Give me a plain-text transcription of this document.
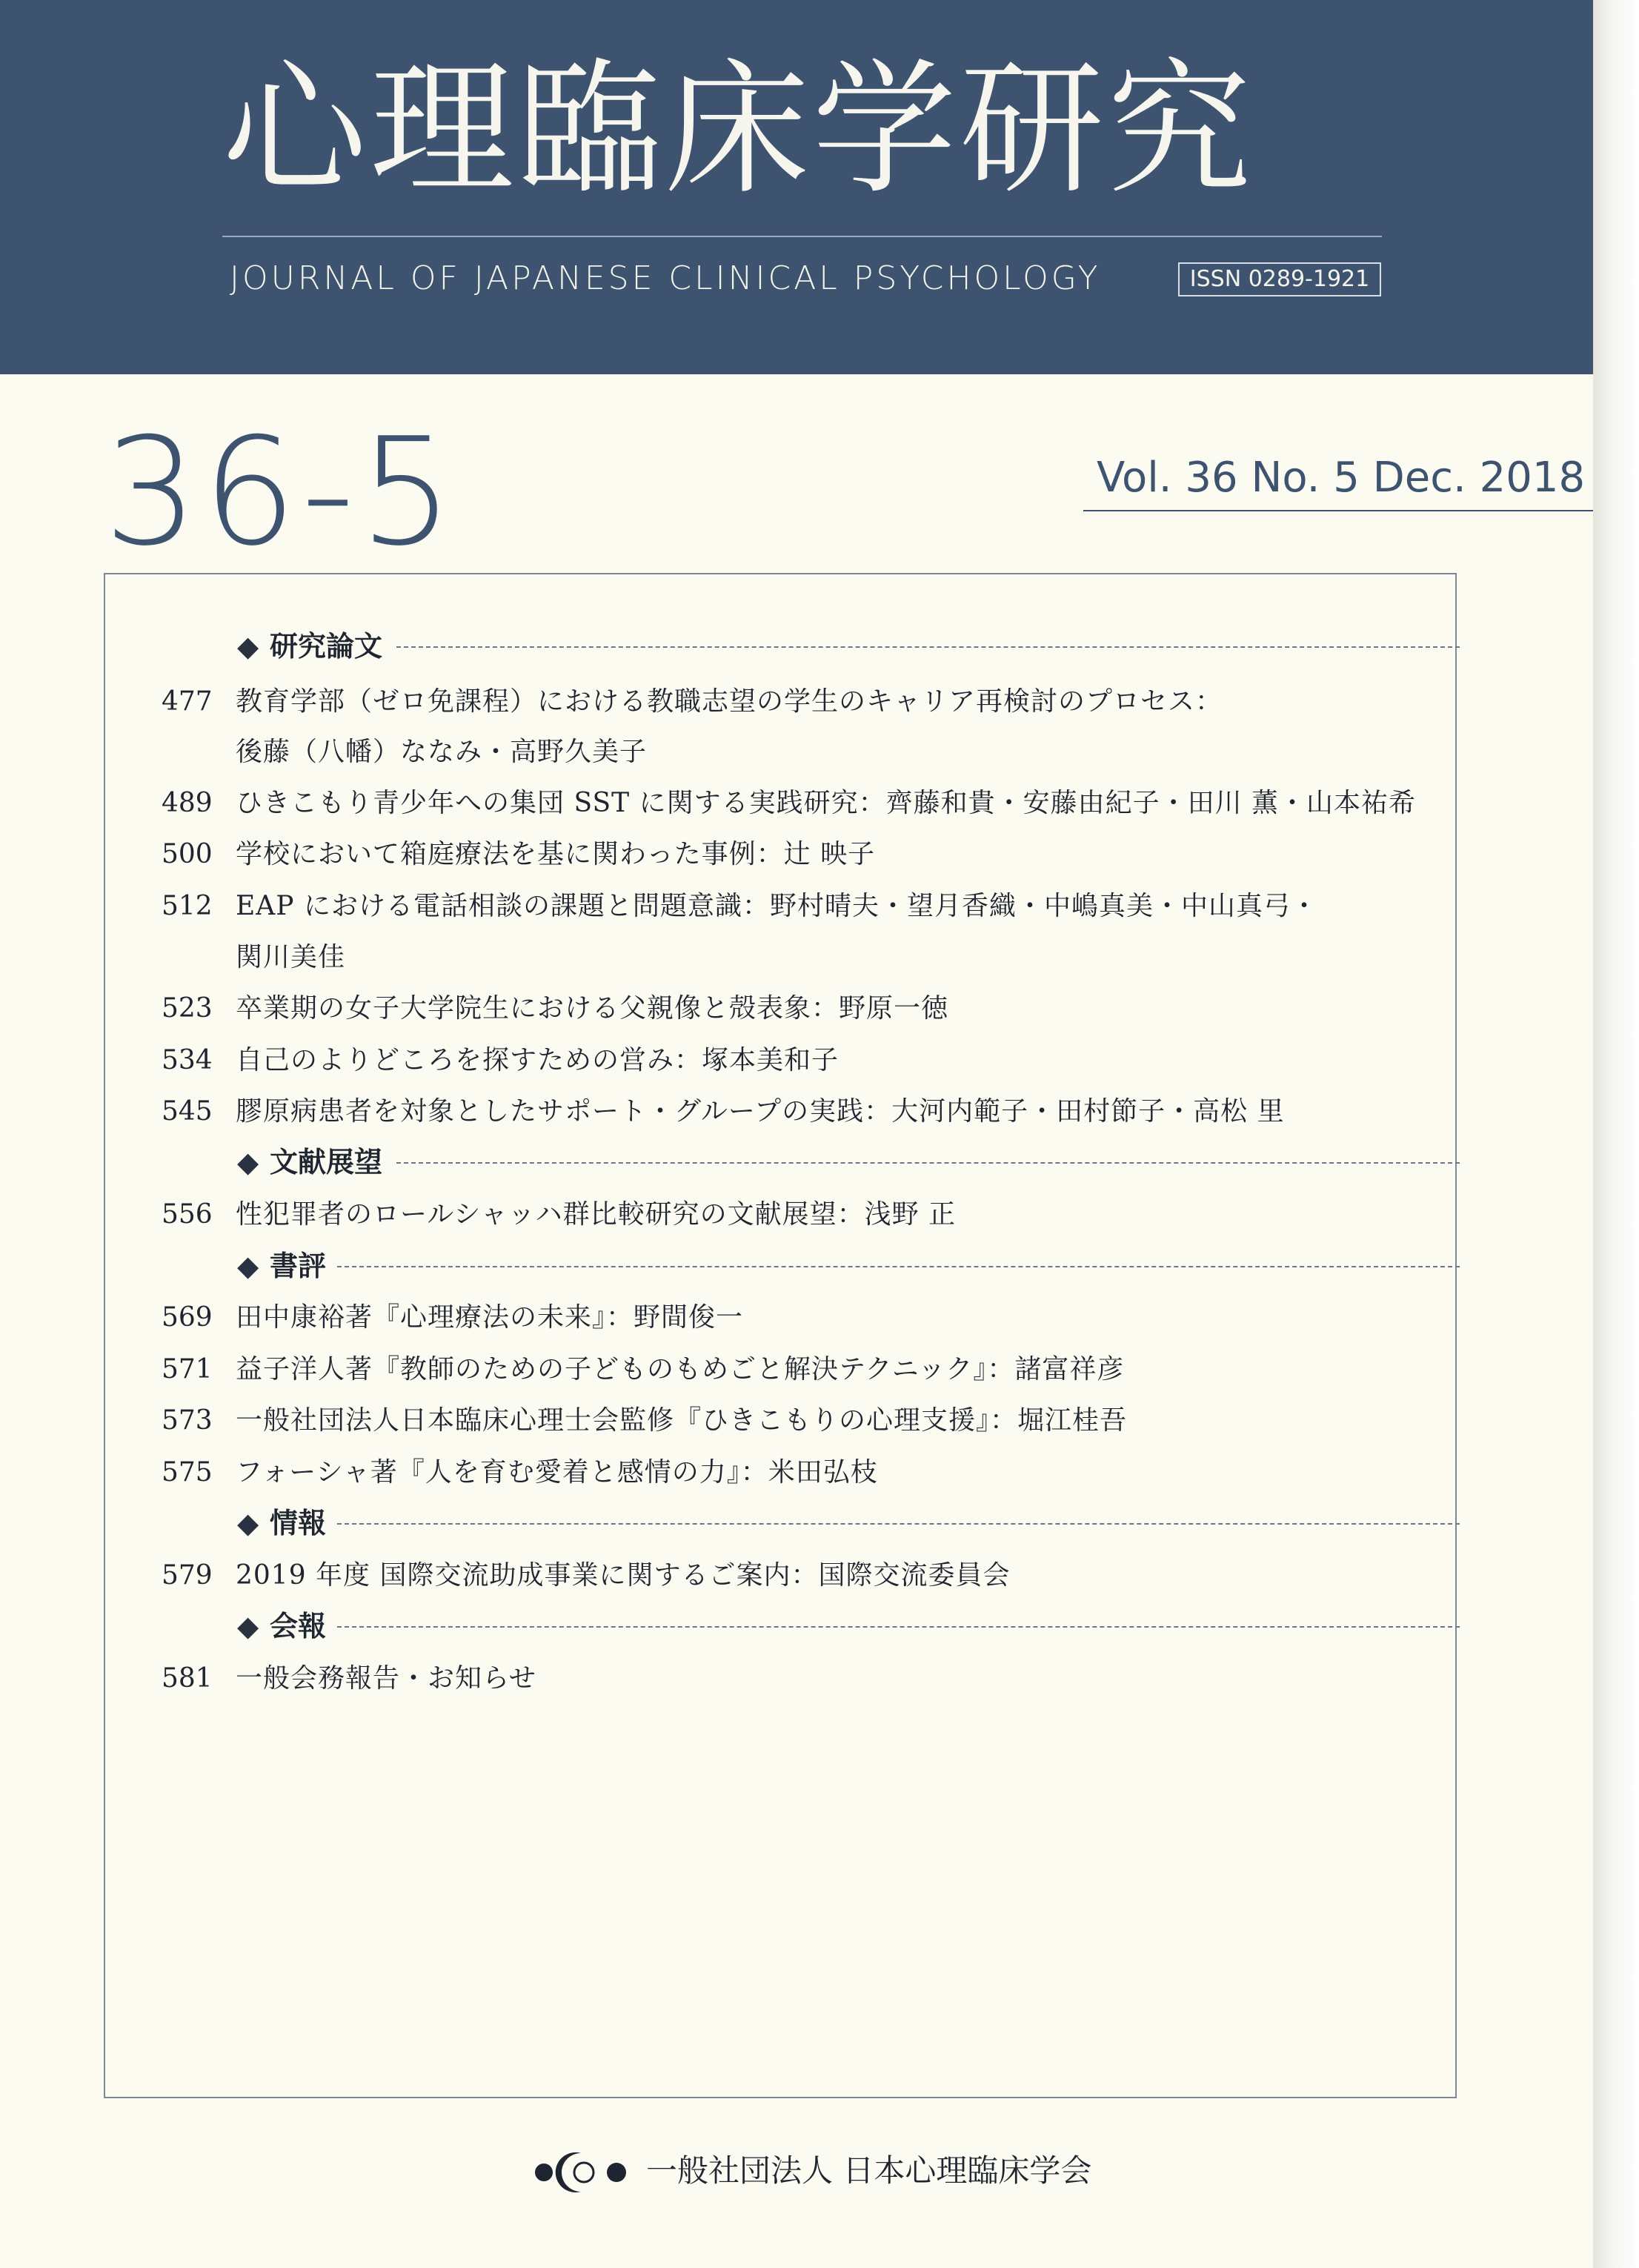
心理臨床学研究
JOURNAL OF JAPANESE CLINICAL PSYCHOLOGY	ISSN 0289-1921
36-5	Vol. 36 No. 5 Dec. 2018
◆ 研究論文
477 教育学部（ゼロ免課程）における教職志望の学生のキャリア再検討のプロセス：
後藤（八幡）ななみ・高野久美子
489 ひきこもり青少年への集団 SST に関する実践研究：齊藤和貴・安藤由紀子・田川 薫・山本祐希
500 学校において箱庭療法を基に関わった事例：辻 映子
512 EAP における電話相談の課題と問題意識：野村晴夫・望月香織・中嶋真美・中山真弓・
関川美佳
523 卒業期の女子大学院生における父親像と殻表象：野原一徳
534 自己のよりどころを探すための営み：塚本美和子
545 膠原病患者を対象としたサポート・グループの実践：大河内範子・田村節子・高松 里
◆ 文献展望
556 性犯罪者のロールシャッハ群比較研究の文献展望：浅野 正
◆ 書評
569 田中康裕著『心理療法の未来』：野間俊一
571 益子洋人著『教師のための子どものもめごと解決テクニック』：諸富祥彦
573 一般社団法人日本臨床心理士会監修『ひきこもりの心理支援』：堀江桂吾
575 フォーシャ著『人を育む愛着と感情の力』：米田弘枝
◆ 情報
579 2019 年度 国際交流助成事業に関するご案内：国際交流委員会
◆ 会報
581 一般会務報告・お知らせ
一般社団法人 日本心理臨床学会
